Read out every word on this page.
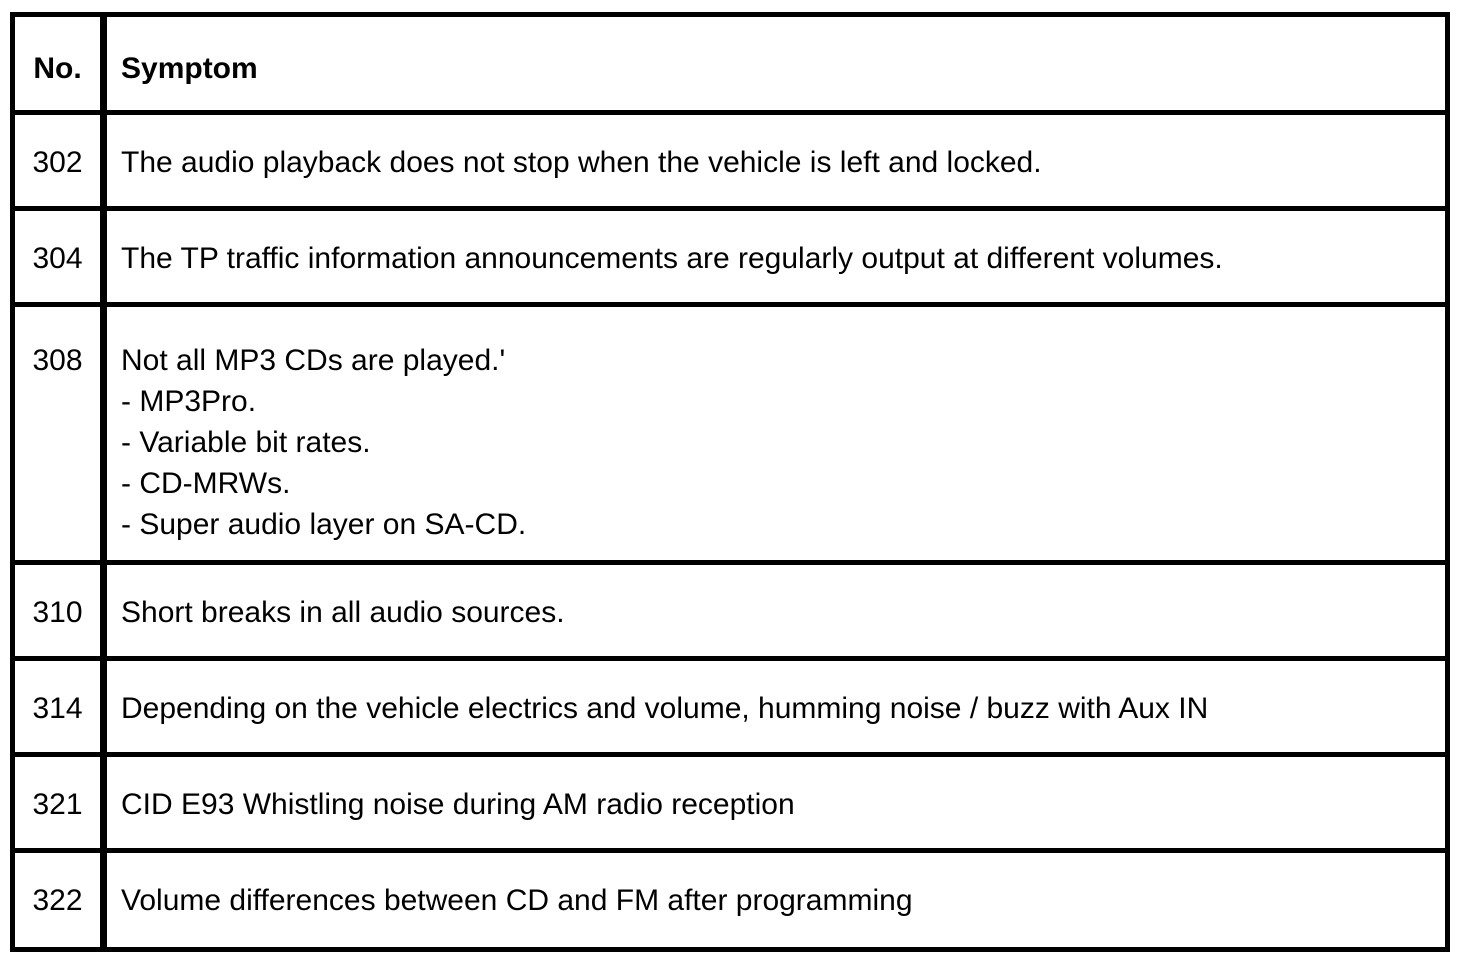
No.	Symptom
302	The audio playback does not stop when the vehicle is left and locked.
304	The TP traffic information announcements are regularly output at different volumes.
308	Not all MP3 CDs are played.'
- MP3Pro.
- Variable bit rates.
- CD-MRWs.
- Super audio layer on SA-CD.
310	Short breaks in all audio sources.
314	Depending on the vehicle electrics and volume, humming noise / buzz with Aux IN
321	CID E93 Whistling noise during AM radio reception
322	Volume differences between CD and FM after programming
